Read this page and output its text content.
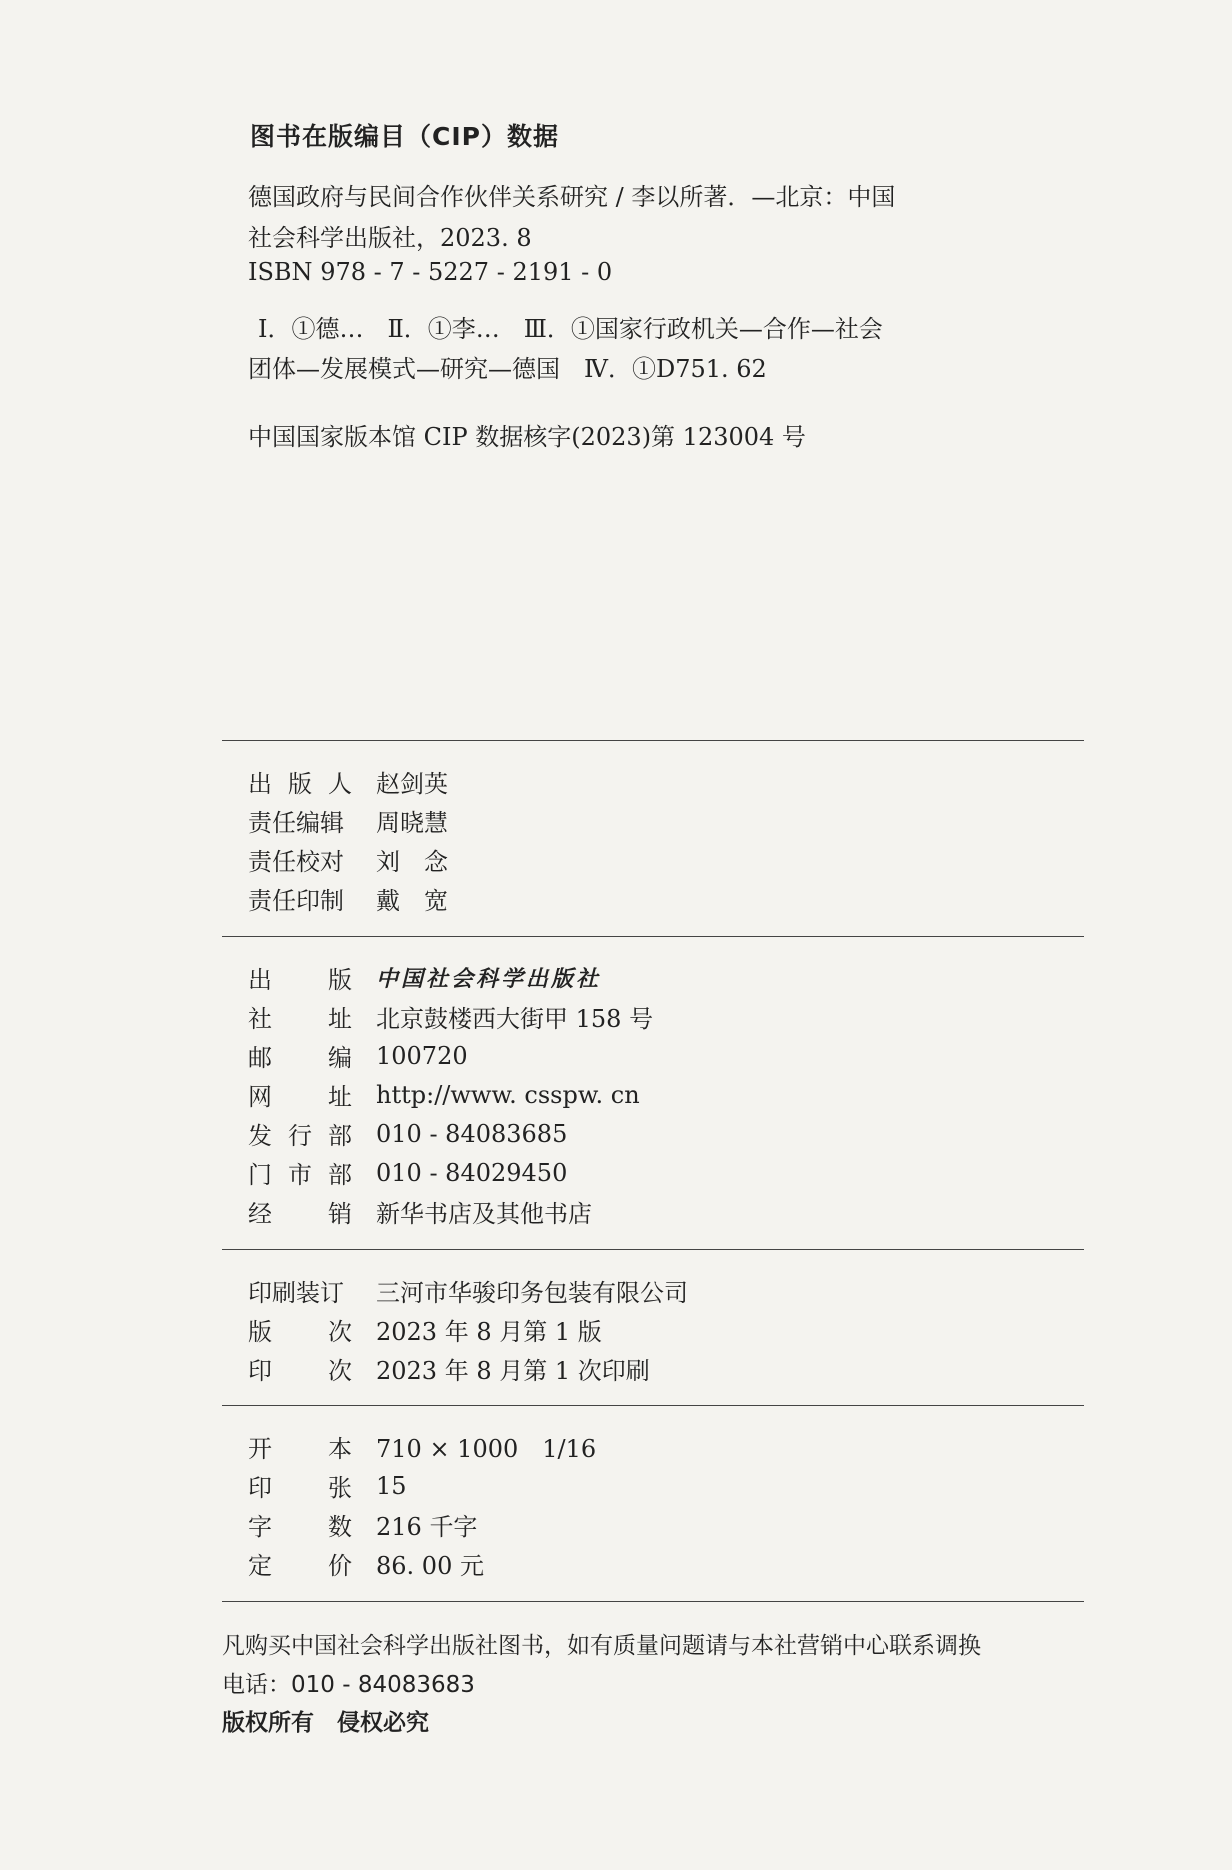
图书在版编目（CIP）数据
德国政府与民间合作伙伴关系研究 / 李以所著．—北京：中国
社会科学出版社，2023. 8
ISBN 978 - 7 - 5227 - 2191 - 0
Ⅰ．①德…　Ⅱ．①李…　Ⅲ．①国家行政机关—合作—社会
团体—发展模式—研究—德国　Ⅳ．①D751. 62
中国国家版本馆 CIP 数据核字(2023)第 123004 号
出 版 人 赵剑英
责任编辑 周晓慧
责任校对 刘　念
责任印制 戴　宽
出 版 中国社会科学出版社
社 址 北京鼓楼西大街甲 158 号
邮 编 100720
网 址 http://www. csspw. cn
发 行 部 010 - 84083685
门 市 部 010 - 84029450
经 销 新华书店及其他书店
印刷装订 三河市华骏印务包装有限公司
版 次 2023 年 8 月第 1 版
印 次 2023 年 8 月第 1 次印刷
开 本 710 × 1000　1/16
印 张 15
字 数 216 千字
定 价 86. 00 元
凡购买中国社会科学出版社图书，如有质量问题请与本社营销中心联系调换
电话：010 - 84083683
版权所有　侵权必究
